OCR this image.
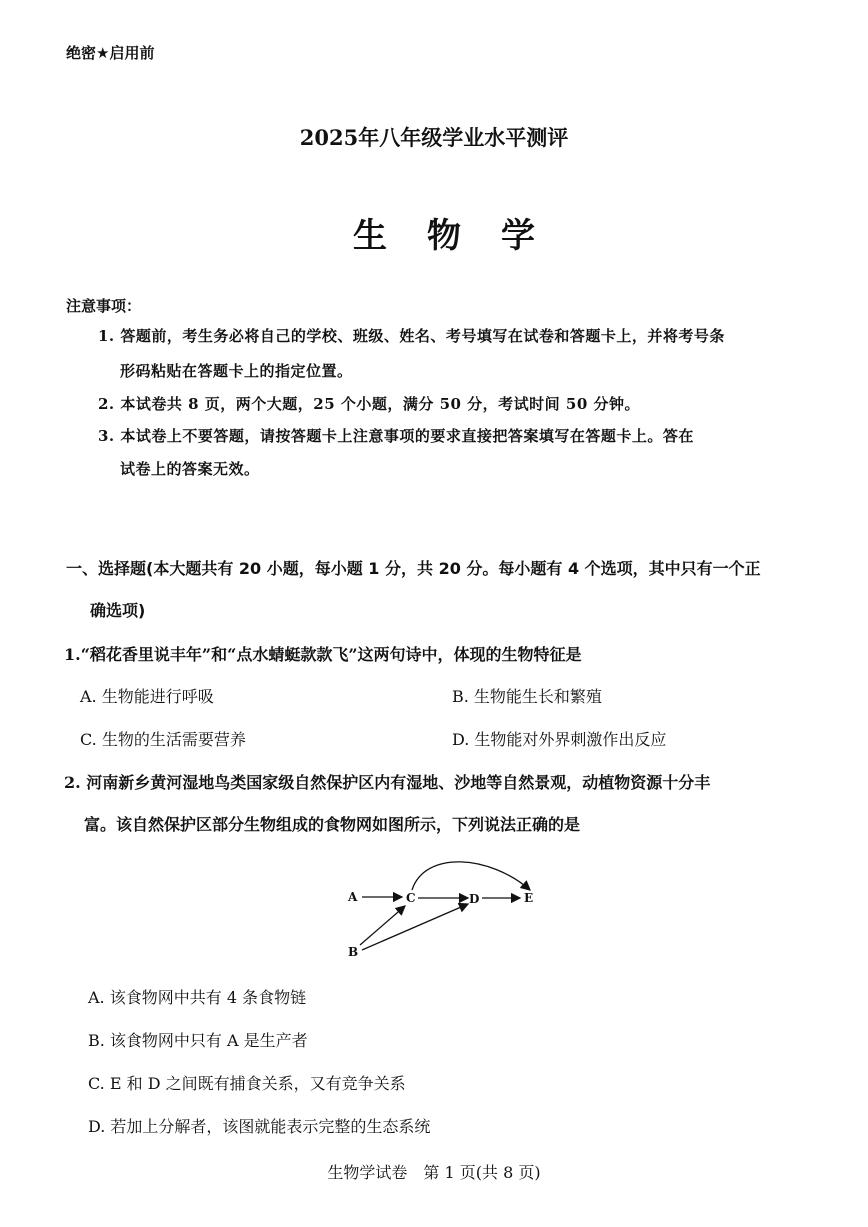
绝密★启用前
2025年八年级学业水平测评
生物学
注意事项：
1. 答题前，考生务必将自己的学校、班级、姓名、考号填写在试卷和答题卡上，并将考号条
形码粘贴在答题卡上的指定位置。
2. 本试卷共 8 页，两个大题，25 个小题，满分 50 分，考试时间 50 分钟。
3. 本试卷上不要答题，请按答题卡上注意事项的要求直接把答案填写在答题卡上。答在
试卷上的答案无效。
一、选择题(本大题共有 20 小题，每小题 1 分，共 20 分。每小题有 4 个选项，其中只有一个正
确选项)
1.“稻花香里说丰年”和“点水蜻蜓款款飞”这两句诗中，体现的生物特征是
A. 生物能进行呼吸	B. 生物能生长和繁殖
C. 生物的生活需要营养	D. 生物能对外界刺激作出反应
2. 河南新乡黄河湿地鸟类国家级自然保护区内有湿地、沙地等自然景观，动植物资源十分丰
富。该自然保护区部分生物组成的食物网如图所示，下列说法正确的是
A
B
C	D	E
A. 该食物网中共有 4 条食物链
B. 该食物网中只有 A 是生产者
C. E 和 D 之间既有捕食关系，又有竞争关系
D. 若加上分解者，该图就能表示完整的生态系统
生物学试卷　第 1 页(共 8 页)
